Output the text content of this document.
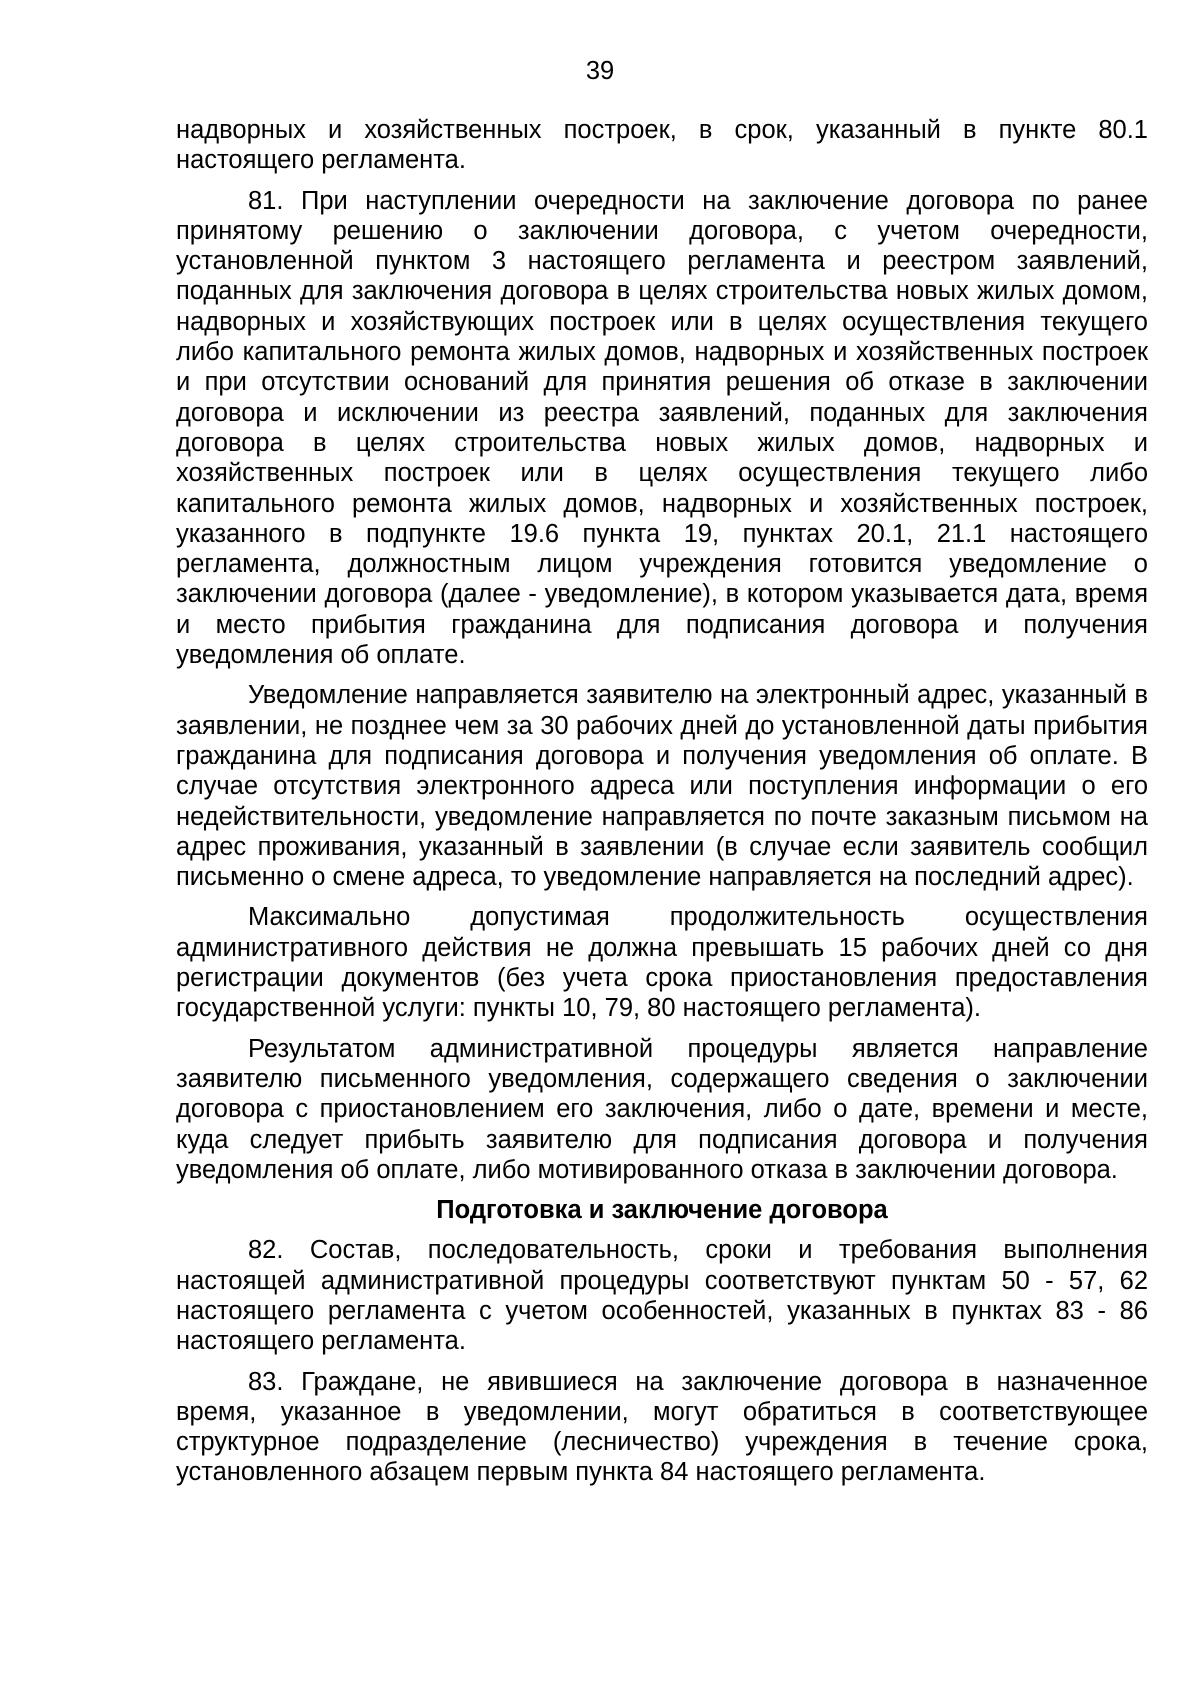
39

надворных и хозяйственных построек, в срок, указанный в пункте 80.1 настоящего регламента.

81. При наступлении очередности на заключение договора по ранее принятому решению о заключении договора, с учетом очередности, установленной пунктом 3 настоящего регламента и реестром заявлений, поданных для заключения договора в целях строительства новых жилых домом, надворных и хозяйствующих построек или в целях осуществления текущего либо капитального ремонта жилых домов, надворных и хозяйственных построек и при отсутствии оснований для принятия решения об отказе в заключении договора и исключении из реестра заявлений, поданных для заключения договора в целях строительства новых жилых домов, надворных и хозяйственных построек или в целях осуществления текущего либо капитального ремонта жилых домов, надворных и хозяйственных построек, указанного в подпункте 19.6 пункта 19, пунктах 20.1, 21.1 настоящего регламента, должностным лицом учреждения готовится уведомление о заключении договора (далее - уведомление), в котором указывается дата, время и место прибытия гражданина для подписания договора и получения уведомления об оплате.

Уведомление направляется заявителю на электронный адрес, указанный в заявлении, не позднее чем за 30 рабочих дней до установленной даты прибытия гражданина для подписания договора и получения уведомления об оплате. В случае отсутствия электронного адреса или поступления информации о его недействительности, уведомление направляется по почте заказным письмом на адрес проживания, указанный в заявлении (в случае если заявитель сообщил письменно о смене адреса, то уведомление направляется на последний адрес).

Максимально допустимая продолжительность осуществления административного действия не должна превышать 15 рабочих дней со дня регистрации документов (без учета срока приостановления предоставления государственной услуги: пункты 10, 79, 80 настоящего регламента).

Результатом административной процедуры является направление заявителю письменного уведомления, содержащего сведения о заключении договора с приостановлением его заключения, либо о дате, времени и месте, куда следует прибыть заявителю для подписания договора и получения уведомления об оплате, либо мотивированного отказа в заключении договора.

Подготовка и заключение договора

82. Состав, последовательность, сроки и требования выполнения настоящей административной процедуры соответствуют пунктам 50 - 57, 62 настоящего регламента с учетом особенностей, указанных в пунктах 83 - 86 настоящего регламента.

83. Граждане, не явившиеся на заключение договора в назначенное время, указанное в уведомлении, могут обратиться в соответствующее структурное подразделение (лесничество) учреждения в течение срока, установленного абзацем первым пункта 84 настоящего регламента.
